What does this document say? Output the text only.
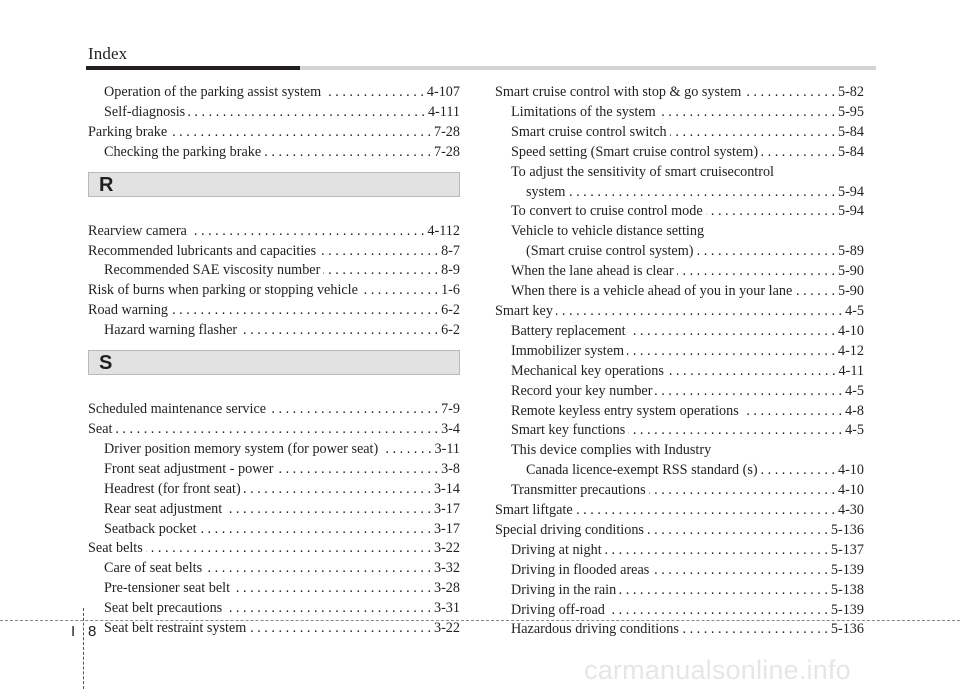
Index
Operation of the parking assist system . . .	4-107
Self-diagnosis . . .	4-111
Parking brake . . .	7-28
Checking the parking brake . . .	7-28
R
Rearview camera . . .	4-112
Recommended lubricants and capacities . . .	8-7
Recommended SAE viscosity number . . .	8-9
Risk of burns when parking or stopping vehicle . . .	1-6
Road warning . . .	6-2
Hazard warning flasher . . .	6-2
S
Scheduled maintenance service . . .	7-9
Seat . . .	3-4
Driver position memory system (for power seat) . . .	3-11
Front seat adjustment - power . . .	3-8
Headrest (for front seat) . . .	3-14
Rear seat adjustment . . .	3-17
Seatback pocket . . .	3-17
Seat belts . . .	3-22
Care of seat belts . . .	3-32
Pre-tensioner seat belt . . .	3-28
Seat belt precautions . . .	3-31
Seat belt restraint system . . .	3-22
Smart cruise control with stop & go system . . .	5-82
Limitations of the system . . .	5-95
Smart cruise control switch . . .	5-84
Speed setting (Smart cruise control system) . . .	5-84
To adjust the sensitivity of smart cruisecontrol
system . . .	5-94
To convert to cruise control mode . . .	5-94
Vehicle to vehicle distance setting
(Smart cruise control system) . . .	5-89
When the lane ahead is clear . . .	5-90
When there is a vehicle ahead of you in your lane . . .	5-90
Smart key . . .	4-5
Battery replacement . . .	4-10
Immobilizer system . . .	4-12
Mechanical key operations . . .	4-11
Record your key number . . .	4-5
Remote keyless entry system operations . . .	4-8
Smart key functions . . .	4-5
This device complies with Industry
Canada licence-exempt RSS standard (s) . . .	4-10
Transmitter precautions . . .	4-10
Smart liftgate . . .	4-30
Special driving conditions . . .	5-136
Driving at night . . .	5-137
Driving in flooded areas . . .	5-139
Driving in the rain . . .	5-138
Driving off-road . . .	5-139
Hazardous driving conditions . . .	5-136
I 8
carmanualsonline.info
